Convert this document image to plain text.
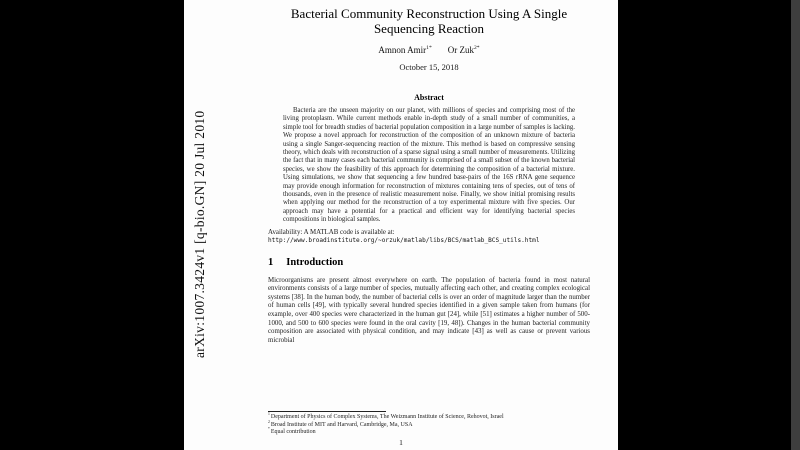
arXiv:1007.3424v1 [q-bio.GN] 20 Jul 2010
Bacterial Community Reconstruction Using A Single Sequencing Reaction
Amnon Amir$^{1*}$ Or Zuk$^{2*}$
October 15, 2018
Abstract

Bacteria are the unseen majority on our planet, with millions of species and comprising most of the living protoplasm. While current methods enable in-depth study of a small number of communities, a simple tool for breadth studies of bacterial population composition in a large number of samples is lacking. We propose a novel approach for reconstruction of the composition of an unknown mixture of bacteria using a single Sanger-sequencing reaction of the mixture. This method is based on compressive sensing theory, which deals with reconstruction of a sparse signal using a small number of measurements. Utilizing the fact that in many cases each bacterial community is comprised of a small subset of the known bacterial species, we show the feasibility of this approach for determining the composition of a bacterial mixture. Using simulations, we show that sequencing a few hundred base-pairs of the 16S rRNA gene sequence may provide enough information for reconstruction of mixtures containing tens of species, out of tens of thousands, even in the presence of realistic measurement noise. Finally, we show initial promising results when applying our method for the reconstruction of a toy experimental mixture with five species. Our approach may have a potential for a practical and efficient way for identifying bacterial species compositions in biological samples.

Availability: A MATLAB code is available at:
http://www.broadinstitute.org/~orzuk/matlab/libs/BCS/matlab_BCS_utils.html
1 Introduction

Microorganisms are present almost everywhere on earth. The population of bacteria found in most natural environments consists of a large number of species, mutually affecting each other, and creating complex ecological systems [38]. In the human body, the number of bacterial cells is over an order of magnitude larger than the number of human cells [49], with typically several hundred species identified in a given sample taken from humans (for example, over 400 species were characterized in the human gut [24], while [51] estimates a higher number of 500-1000, and 500 to 600 species were found in the oral cavity [19, 48]). Changes in the human bacterial community composition are associated with physical condition, and may indicate [43] as well as cause or prevent various microbial

$^1$Department of Physics of Complex Systems, The Weizmann Institute of Science, Rehovot, Israel
$^2$Broad Institute of MIT and Harvard, Cambridge, Ma, USA
*Equal contribution
1
